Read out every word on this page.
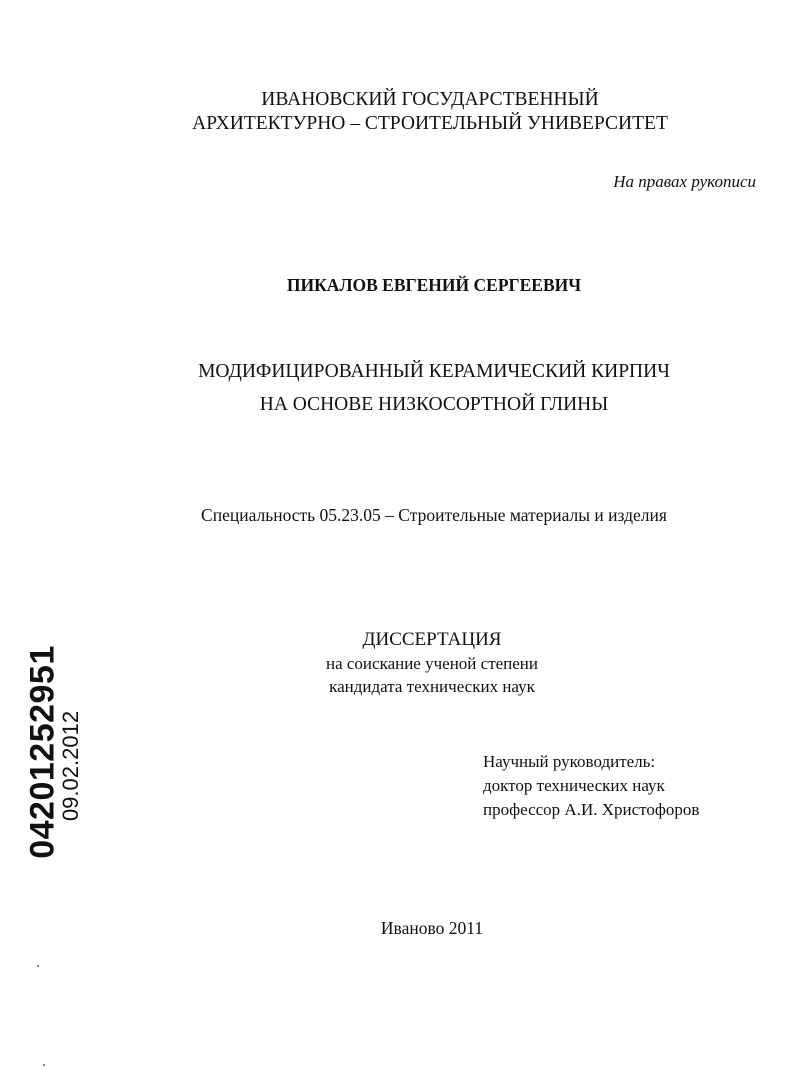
ИВАНОВСКИЙ ГОСУДАРСТВЕННЫЙ
АРХИТЕКТУРНО – СТРОИТЕЛЬНЫЙ УНИВЕРСИТЕТ
На правах рукописи
ПИКАЛОВ ЕВГЕНИЙ СЕРГЕЕВИЧ
МОДИФИЦИРОВАННЫЙ КЕРАМИЧЕСКИЙ КИРПИЧ
НА ОСНОВЕ НИЗКОСОРТНОЙ ГЛИНЫ
Специальность 05.23.05 – Строительные материалы и изделия
ДИССЕРТАЦИЯ
на соискание ученой степени
кандидата технических наук
Научный руководитель:
доктор технических наук
профессор А.И. Христофоров
Иваново 2011
04201252951
09.02.2012
